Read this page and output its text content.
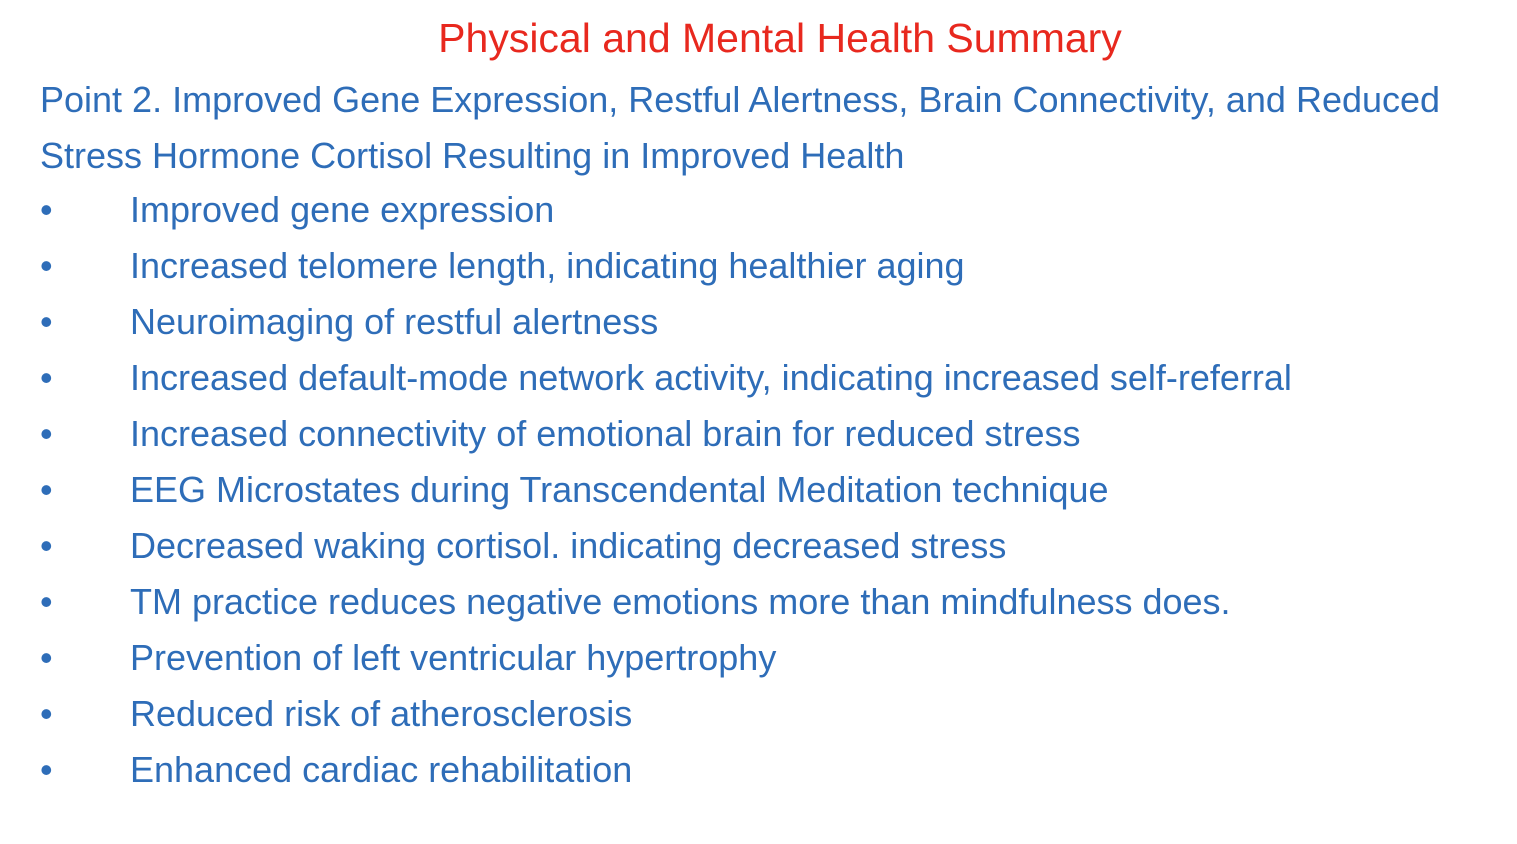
Physical and Mental Health Summary
Point 2. Improved Gene Expression, Restful Alertness, Brain Connectivity, and Reduced Stress Hormone Cortisol Resulting in Improved Health
• Improved gene expression
• Increased telomere length, indicating healthier aging
• Neuroimaging of restful alertness
• Increased default-mode network activity, indicating increased self-referral
• Increased connectivity of emotional brain for reduced stress
• EEG Microstates during Transcendental Meditation technique
• Decreased waking cortisol. indicating decreased stress
• TM practice reduces negative emotions more than mindfulness does.
• Prevention of left ventricular hypertrophy
• Reduced risk of atherosclerosis
• Enhanced cardiac rehabilitation
